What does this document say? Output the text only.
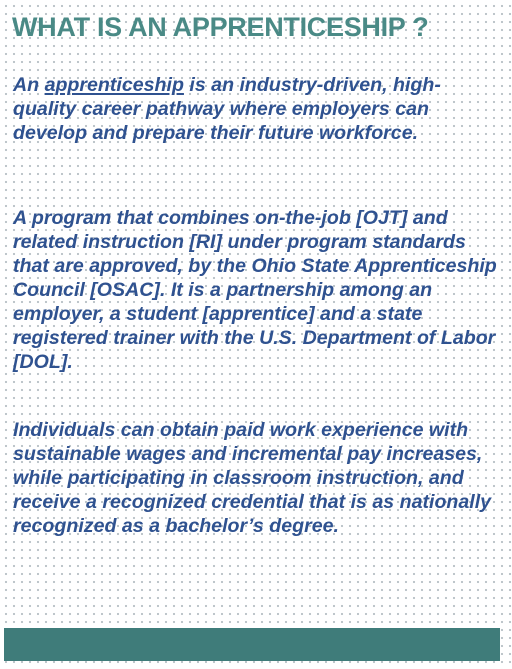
WHAT IS AN APPRENTICESHIP ?

An apprenticeship is an industry-driven, high-quality career pathway where employers can develop and prepare their future workforce.

A program that combines on-the-job [OJT] and related instruction [RI] under program standards that are approved, by the Ohio State Apprenticeship Council [OSAC]. It is a partnership among an employer, a student [apprentice] and a state registered trainer with the U.S. Department of Labor [DOL].

Individuals can obtain paid work experience with sustainable wages and incremental pay increases, while participating in classroom instruction, and receive a recognized credential that is as nationally recognized as a bachelor’s degree.
